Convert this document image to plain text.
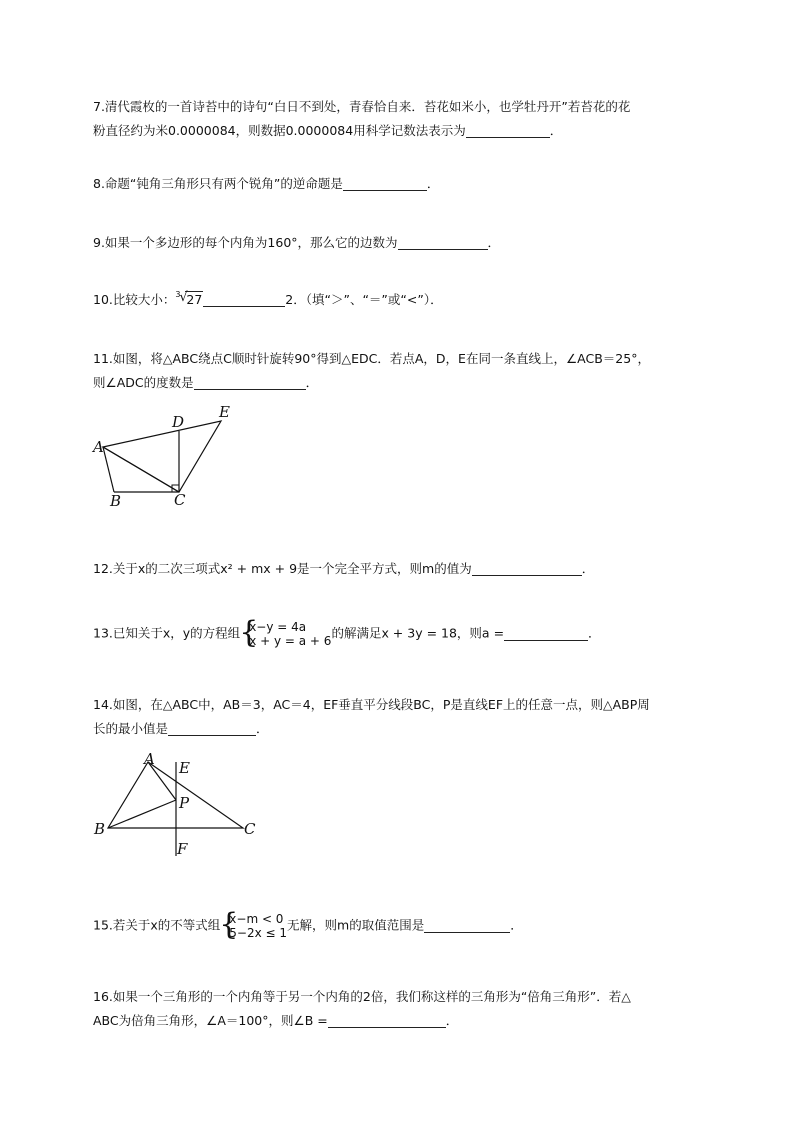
7.清代霞枚的一首诗苔中的诗句“白日不到处，青春恰自来．苔花如米小，也学牡丹开”若苔花的花
粉直径约为米0.0000084，则数据0.0000084用科学记数法表示为	．
8.命题“钝角三角形只有两个锐角”的逆命题是	．
9.如果一个多边形的每个内角为160°，那么它的边数为	．
10.比较大小： 3
√
27	2．（填“＞”、“＝”或“<”）．
11.如图，将△ABC绕点C顺时针旋转90°得到△EDC．若点A，D，E在同一条直线上，∠ACB＝25°，
则∠ADC的度数是	．
A
B	C
D
E
12.关于x的二次三项式x² + mx + 9是一个完全平方式，则m的值为	．
13.已知关于x，y的方程组 {
x−y = 4a
x + y = a + 6
的解满足x + 3y = 18，则a =	．
14.如图，在△ABC中，AB＝3，AC＝4，EF垂直平分线段BC，P是直线EF上的任意一点，则△ABP周
长的最小值是	．
A
B	C
E
F
P
15.若关于x的不等式组 {
x−m < 0
5−2x ≤ 1
无解，则m的取值范围是	．
16.如果一个三角形的一个内角等于另一个内角的2倍，我们称这样的三角形为“倍角三角形”．若△
ABC为倍角三角形，∠A＝100°，则∠B =	．
